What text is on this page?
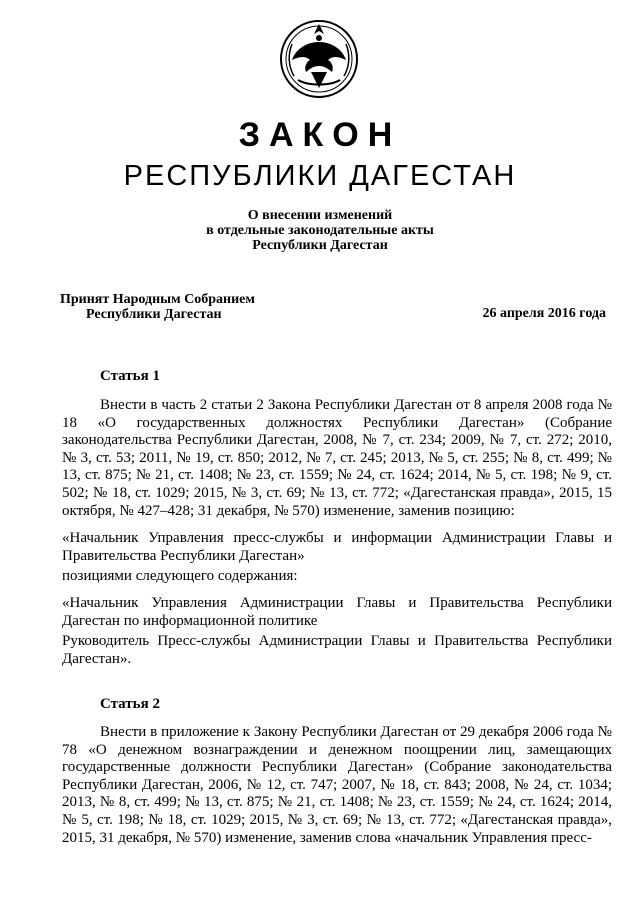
ЗАКОН
РЕСПУБЛИКИ ДАГЕСТАН
О внесении изменений
в отдельные законодательные акты
Республики Дагестан
Принят Народным Собранием
Республики Дагестан	26 апреля 2016 года
Статья 1
Внести в часть 2 статьи 2 Закона Республики Дагестан от 8 апреля 2008 года № 18 «О государственных должностях Республики Дагестан» (Собрание законодательства Республики Дагестан, 2008, № 7, ст. 234; 2009, № 7, ст. 272; 2010, № 3, ст. 53; 2011, № 19, ст. 850; 2012, № 7, ст. 245; 2013, № 5, ст. 255; № 8, ст. 499; № 13, ст. 875; № 21, ст. 1408; № 23, ст. 1559; № 24, ст. 1624; 2014, № 5, ст. 198; № 9, ст. 502; № 18, ст. 1029; 2015, № 3, ст. 69; № 13, ст. 772; «Дагестанская правда», 2015, 15 октября, № 427–428; 31 декабря, № 570) изменение, заменив позицию:
«Начальник Управления пресс-службы и информации Администрации Главы и Правительства Республики Дагестан»
позициями следующего содержания:
«Начальник Управления Администрации Главы и Правительства Республики Дагестан по информационной политике
Руководитель Пресс-службы Администрации Главы и Правительства Республики Дагестан».
Статья 2
Внести в приложение к Закону Республики Дагестан от 29 декабря 2006 года № 78 «О денежном вознаграждении и денежном поощрении лиц, замещающих государственные должности Республики Дагестан» (Собрание законодательства Республики Дагестан, 2006, № 12, ст. 747; 2007, № 18, ст. 843; 2008, № 24, ст. 1034; 2013, № 8, ст. 499; № 13, ст. 875; № 21, ст. 1408; № 23, ст. 1559; № 24, ст. 1624; 2014, № 5, ст. 198; № 18, ст. 1029; 2015, № 3, ст. 69; № 13, ст. 772; «Дагестанская правда», 2015, 31 декабря, № 570) изменение, заменив слова «начальник Управления пресс-
